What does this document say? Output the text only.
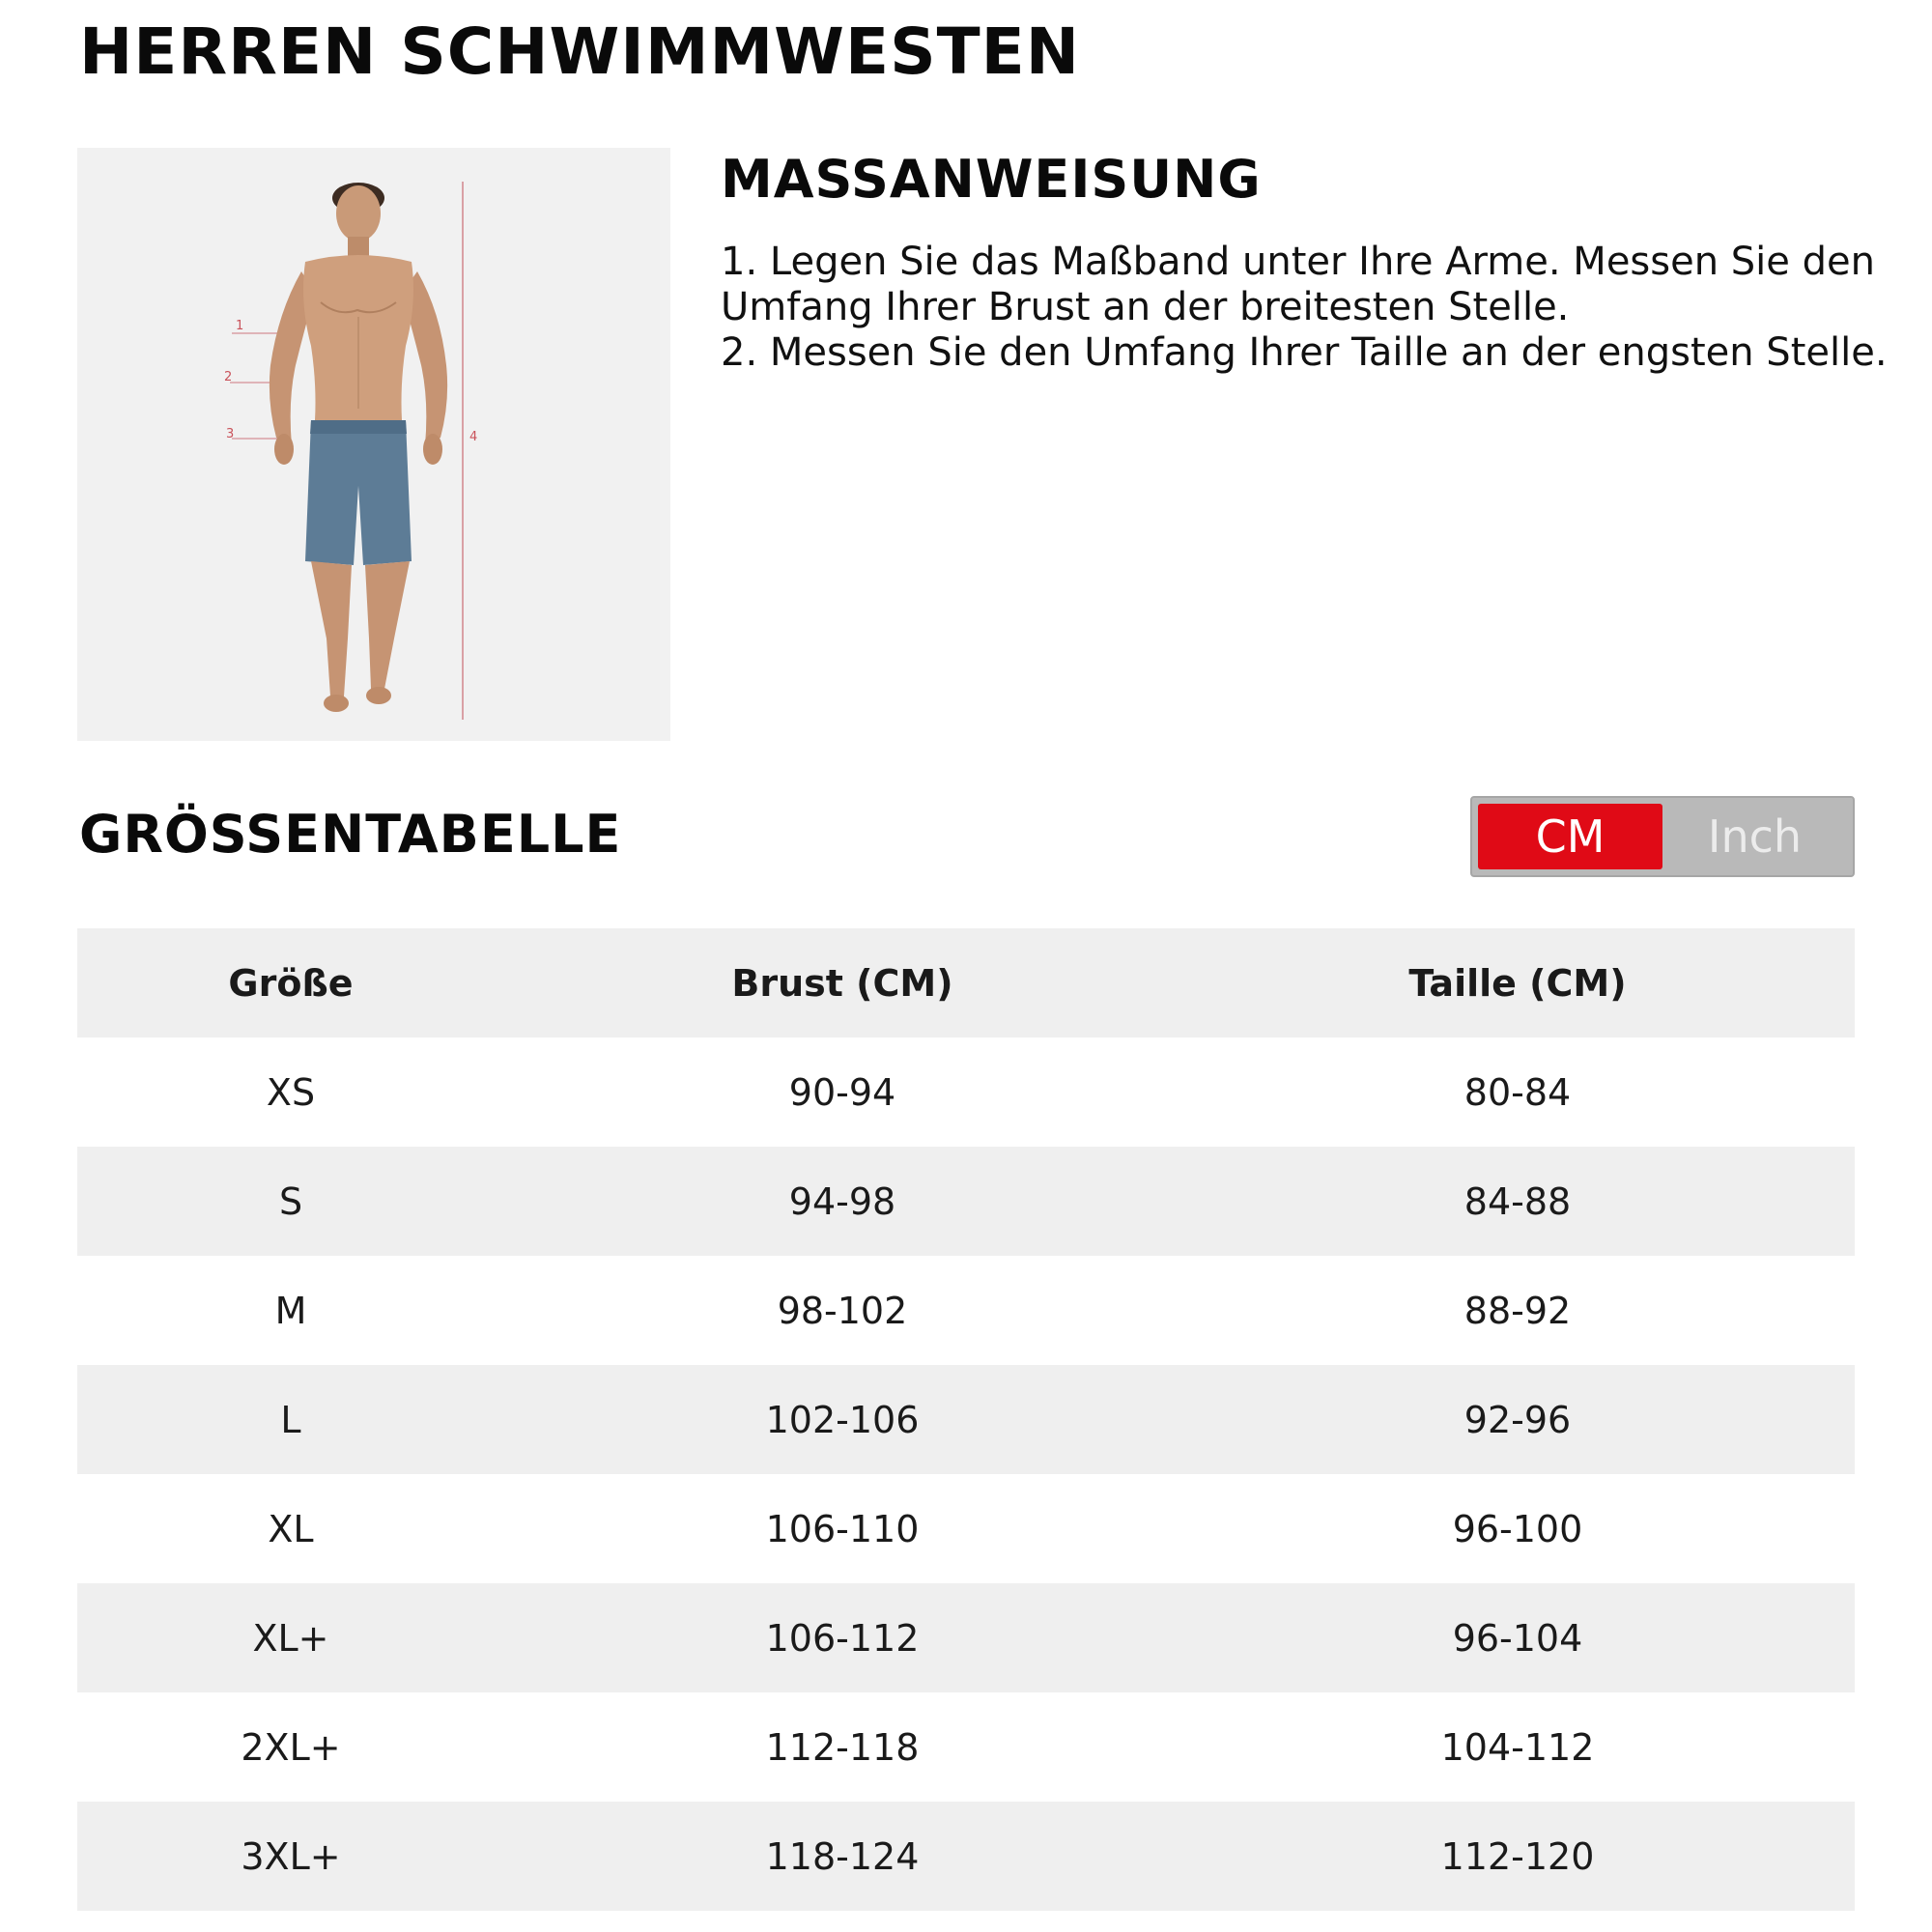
HERREN SCHWIMMWESTEN
1
2
3	4
MASSANWEISUNG

1. Legen Sie das Maßband unter Ihre Arme. Messen Sie den Umfang Ihrer Brust an der breitesten Stelle.

2. Messen Sie den Umfang Ihrer Taille an der engsten Stelle.

GRÖSSENTABELLE	CM	Inch
Größe	Brust (CM)	Taille (CM)
XS	90-94	80-84
S	94-98	84-88
M	98-102	88-92
L	102-106	92-96
XL	106-110	96-100
XL+	106-112	96-104
2XL+	112-118	104-112
3XL+	118-124	112-120
